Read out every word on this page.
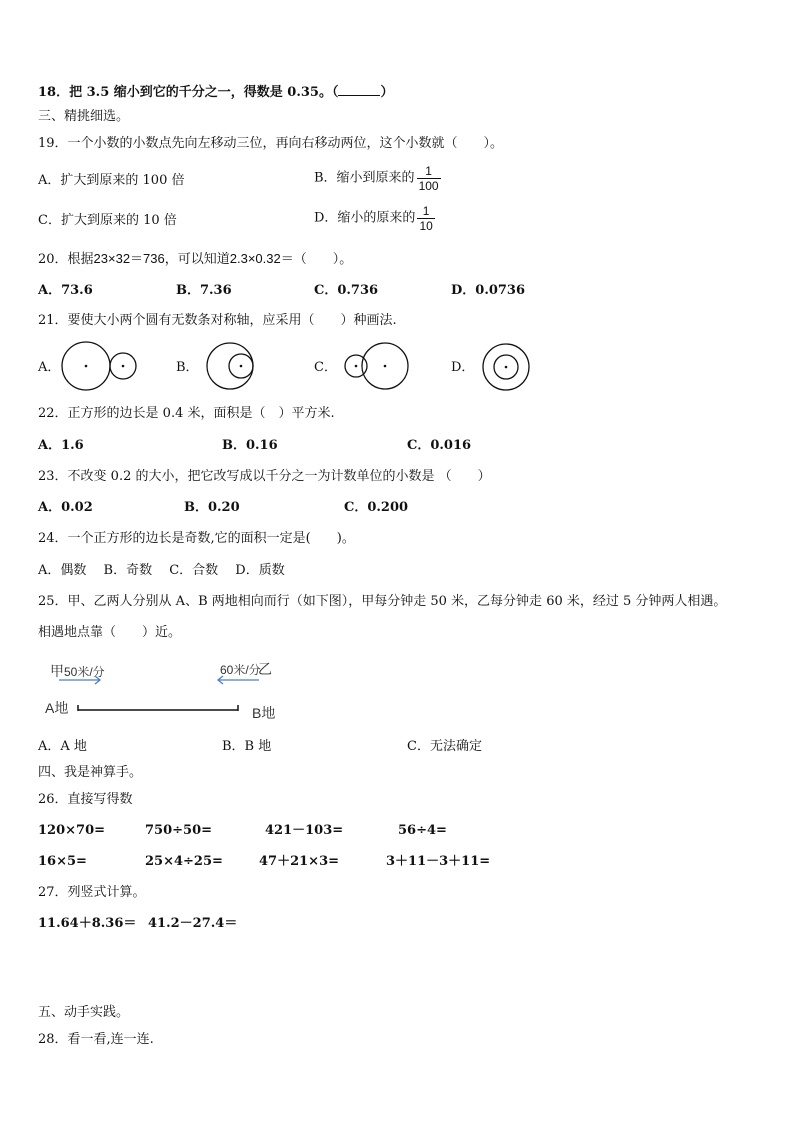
18．把 3.5 缩小到它的千分之一，得数是 0.35。（	）
三、精挑细选。
19．一个小数的小数点先向左移动三位，再向右移动两位，这个小数就（　　）。
A．扩大到原来的 100 倍	B．缩小到原来的 $\frac{1}{100}$
C．扩大到原来的 10 倍	D．缩小的原来的 $\frac{1}{10}$
20．根据23×32＝736，可以知道2.3×0.32＝（　　）。
A．73.6	B．7.36	C．0.736	D．0.0736
21．要使大小两个圆有无数条对称轴，应采用（　　）种画法.
A．	B．	C．	D．
22．正方形的边长是 0.4 米，面积是（　）平方米.
A．1.6	B．0.16	C．0.016
23．不改变 0.2 的大小，把它改写成以千分之一为计数单位的小数是 （　　）
A．0.02	B．0.20	C．0.200
24．一个正方形的边长是奇数,它的面积一定是(　　)。
A．偶数　 B．奇数　 C．合数　 D．质数
25．甲、乙两人分别从 A、B 两地相向而行（如下图），甲每分钟走 50 米，乙每分钟走 60 米，经过 5 分钟两人相遇。
相遇地点靠（　　）近。
甲 50米/分	60米/分
乙
A地	B地
A．A 地	B．B 地	C．无法确定
四、我是神算手。
26．直接写得数
120×70=	750÷50=	421－103=	56÷4=
16×5=	25×4÷25=	47＋21×3=	3＋11－3＋11=
27．列竖式计算。
11.64＋8.36＝ 41.2－27.4＝
五、动手实践。
28．看一看,连一连.
